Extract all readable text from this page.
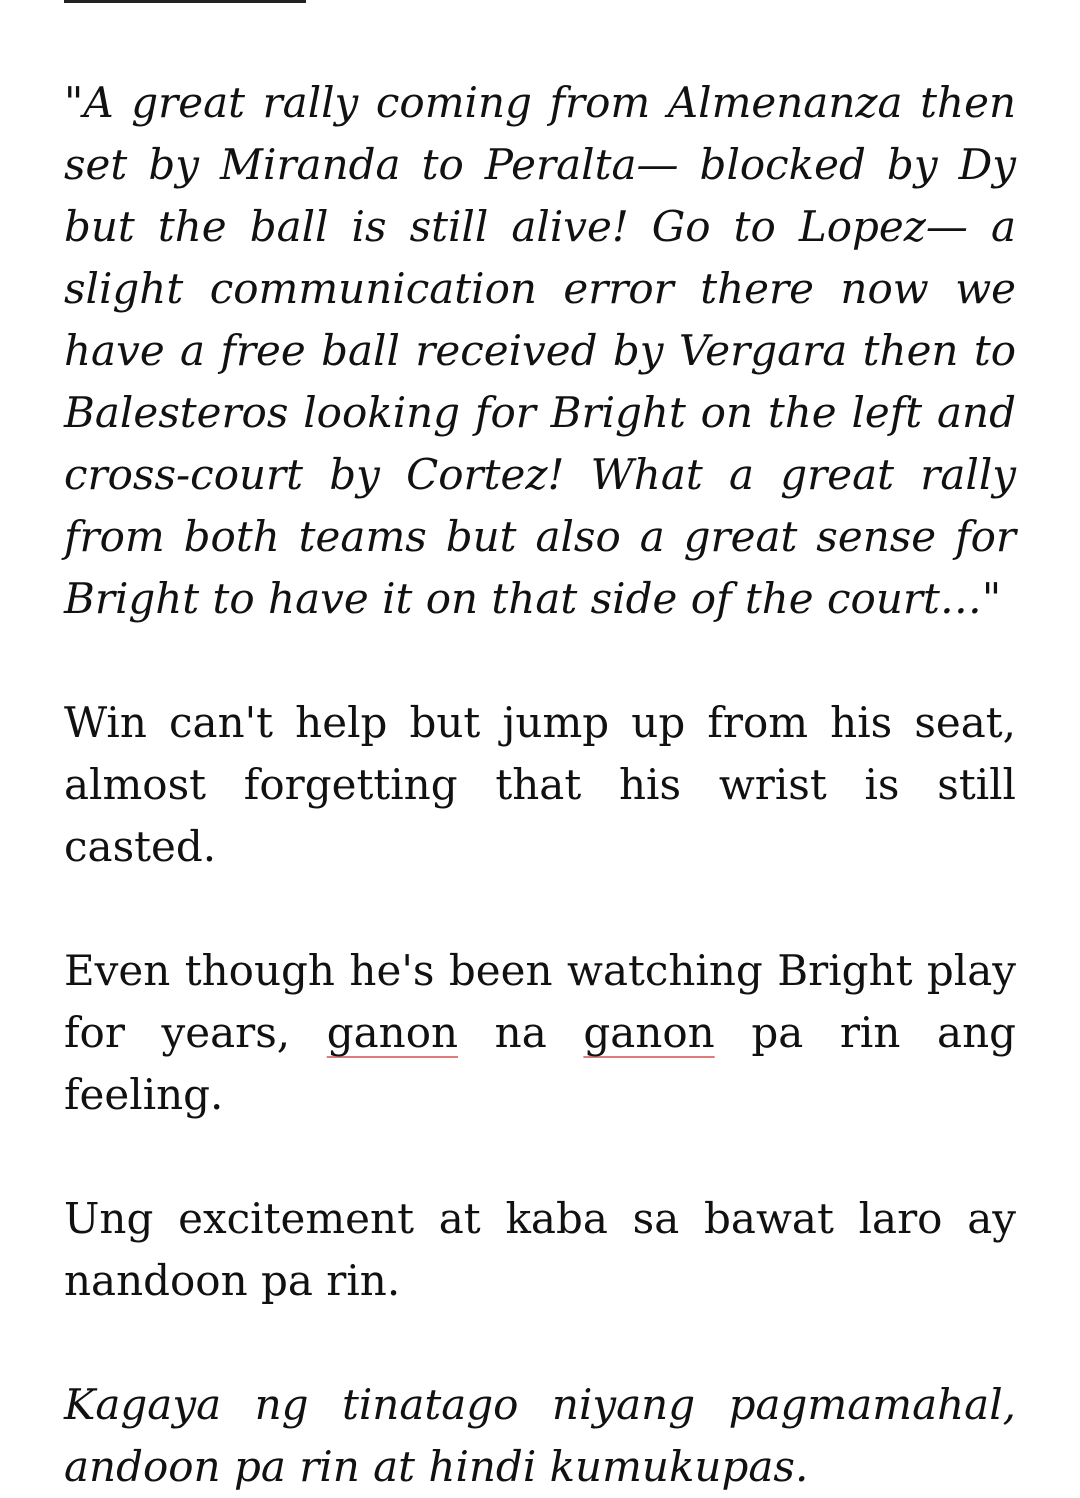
"A great rally coming from Almenanza then set by Miranda to Peralta— blocked by Dy but the ball is still alive! Go to Lopez— a slight communication error there now we have a free ball received by Vergara then to Balesteros looking for Bright on the left and cross-court by Cortez! What a great rally from both teams but also a great sense for Bright to have it on that side of the court…"

Win can't help but jump up from his seat, almost forgetting that his wrist is still casted.

Even though he's been watching Bright play for years, ganon na ganon pa rin ang feeling.

Ung excitement at kaba sa bawat laro ay nandoon pa rin.

Kagaya ng tinatago niyang pagmamahal, andoon pa rin at hindi kumukupas.
